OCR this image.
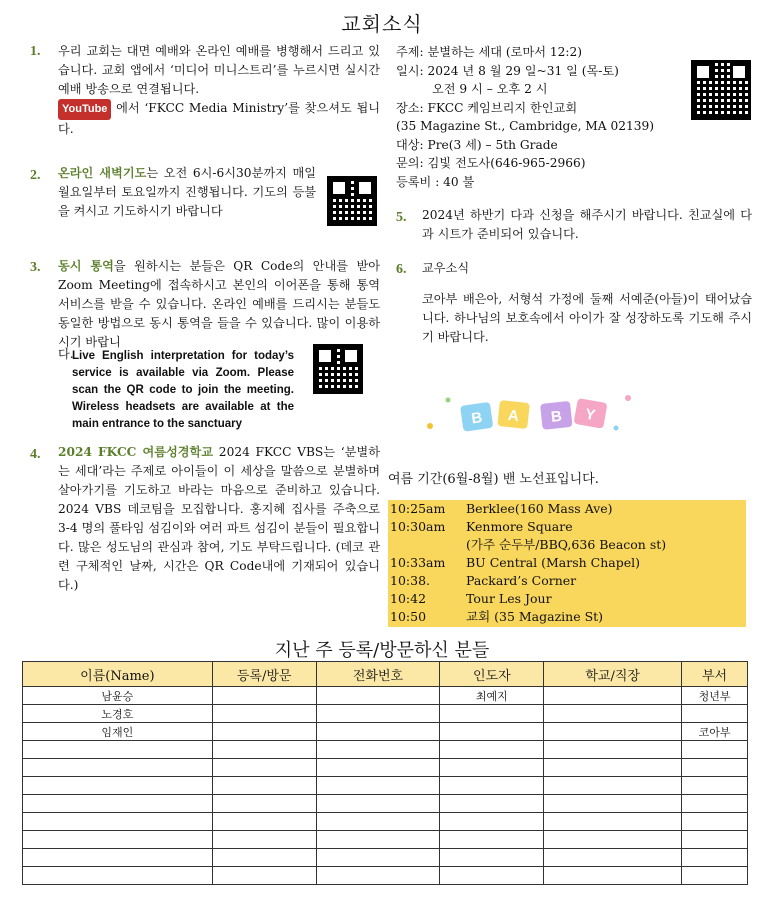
교회소식
1. 우리 교회는 대면 예배와 온라인 예배를 병행해서 드리고 있습니다. 교회 앱에서 ‘미디어 미니스트리’를 누르시면 실시간 예배 방송으로 연결됩니다.
YouTube 에서 ‘FKCC Media Ministry’를 찾으셔도 됩니다.
2. 온라인 새벽기도는 오전 6시-6시30분까지 매일 월요일부터 토요일까지 진행됩니다. 기도의 등불을 켜시고 기도하시기 바랍니다
3. 동시 통역을 원하시는 분들은 QR Code의 안내를 받아 Zoom Meeting에 접속하시고 본인의 이어폰을 통해 통역 서비스를 받을 수 있습니다. 온라인 예배를 드리시는 분들도 동일한 방법으로 동시 통역을 들을 수 있습니다. 많이 이용하시기 바랍니
다.
Live English interpretation for today’s service is available via Zoom. Please scan the QR code to join the meeting. Wireless headsets are available at the main entrance to the sanctuary
4. 2024 FKCC 여름성경학교 2024 FKCC VBS는 ‘분별하는 세대’라는 주제로 아이들이 이 세상을 말씀으로 분별하며 살아가기를 기도하고 바라는 마음으로 준비하고 있습니다. 2024 VBS 데코팀을 모집합니다. 홍지혜 집사를 주축으로 3-4 명의 풀타임 섬김이와 여러 파트 섬김이 분들이 필요합니다. 많은 성도님의 관심과 참여, 기도 부탁드립니다. (데코 관련 구체적인 날짜, 시간은 QR Code내에 기재되어 있습니다.)
주제: 분별하는 세대 (로마서 12:2)
일시: 2024 년 8 월 29 일~31 일 (목-토)
오전 9 시 – 오후 2 시
장소: FKCC 케임브리지 한인교회
(35 Magazine St., Cambridge, MA 02139)
대상: Pre(3 세) – 5th Grade
문의: 김빛 전도사(646-965-2966)
등록비 : 40 불
5. 2024년 하반기 다과 신청을 해주시기 바랍니다. 친교실에 다과 시트가 준비되어 있습니다.
6. 교우소식
코아부 배은아, 서형석 가정에 둘째 서예준(아들)이 태어났습니다. 하나님의 보호속에서 아이가 잘 성장하도록 기도해 주시기 바랍니다.
B A B Y
여름 기간(6월-8월) 밴 노선표입니다.
10:25am	Berklee(160 Mass Ave)
10:30am	Kenmore Square
(가주 순두부/BBQ,636 Beacon st)
10:33am	BU Central (Marsh Chapel)
10:38.	Packard’s Corner
10:42	Tour Les Jour
10:50	교회 (35 Magazine St)
지난 주 등록/방문하신 분들
이름(Name)	등록/방문	전화번호	인도자	학교/직장	부서
남윤승			최예지		청년부
노경호					
임재인					코아부
